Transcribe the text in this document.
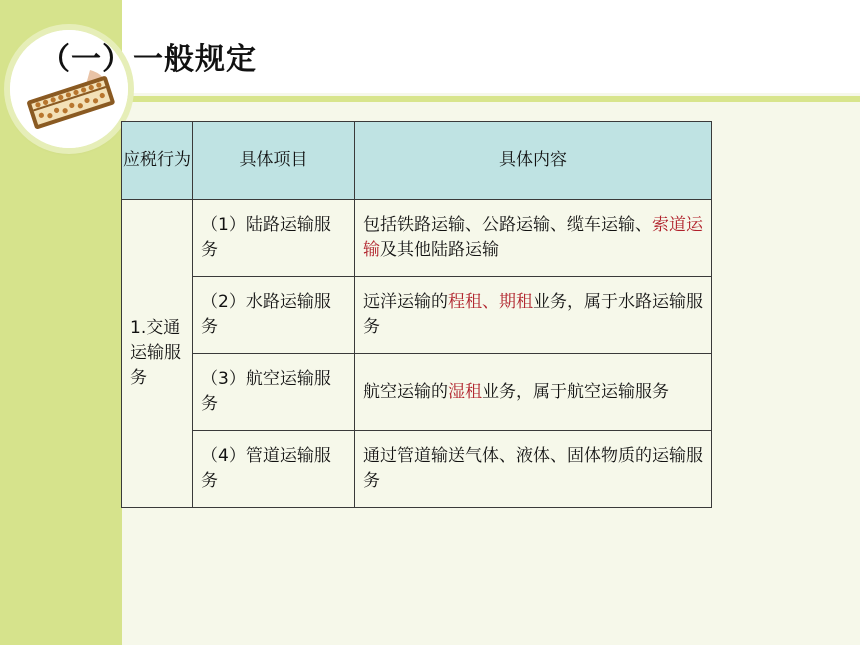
（一）一般规定
应税行为	具体项目	具体内容
1.交通运输服务	（1）陆路运输服务	包括铁路运输、公路运输、缆车运输、索道运输及其他陆路运输
	（2）水路运输服务	远洋运输的程租、期租业务，属于水路运输服务
	（3）航空运输服务	航空运输的湿租业务，属于航空运输服务
	（4）管道运输服务	通过管道输送气体、液体、固体物质的运输服务
